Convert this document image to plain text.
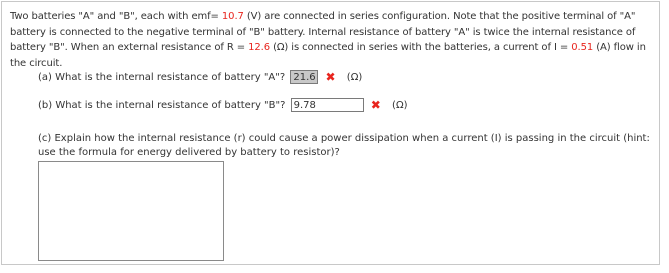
Two batteries "A" and "B", each with emf= 10.7 (V) are connected in series configuration. Note that the positive terminal of "A" battery is connected to the negative terminal of "B" battery. Internal resistance of battery "A" is twice the internal resistance of battery "B". When an external resistance of R = 12.6 (Ω) is connected in series with the batteries, a current of I = 0.51 (A) flow in the circuit.
(a) What is the internal resistance of battery "A"? 21.6 ✖ (Ω)
(b) What is the internal resistance of battery "B"? 9.78	✖ (Ω)
(c) Explain how the internal resistance (r) could cause a power dissipation when a current (I) is passing in the circuit (hint: use the formula for energy delivered by battery to resistor)?
